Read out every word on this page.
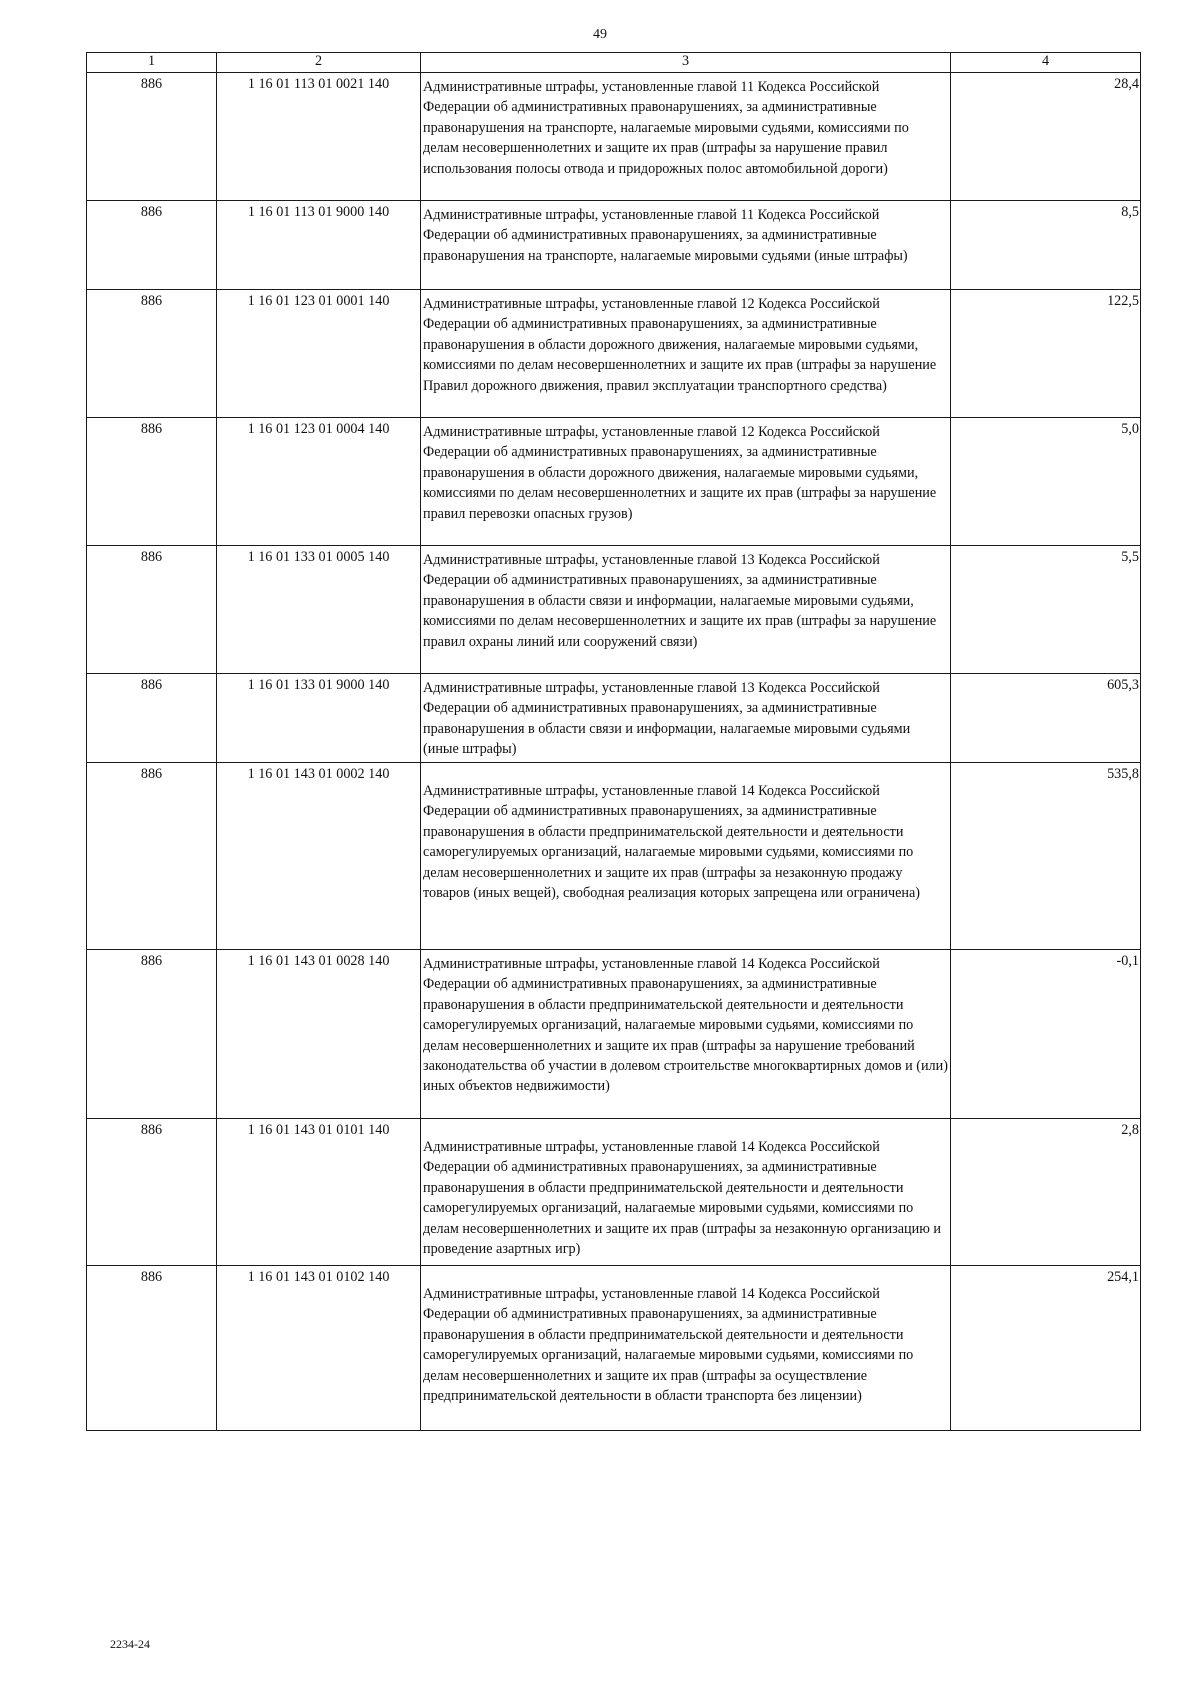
49
1	2	3	4
886	1 16 01 113 01 0021 140	Административные штрафы, установленные главой 11 Кодекса Российской Федерации об административных правонарушениях, за административные правонарушения на транспорте, налагаемые мировыми судьями, комиссиями по делам несовершеннолетних и защите их прав (штрафы за нарушение правил использования полосы отвода и придорожных полос автомобильной дороги)	28,4
886	1 16 01 113 01 9000 140	Административные штрафы, установленные главой 11 Кодекса Российской Федерации об административных правонарушениях, за административные правонарушения на транспорте, налагаемые мировыми судьями (иные штрафы)	8,5
886	1 16 01 123 01 0001 140	Административные штрафы, установленные главой 12 Кодекса Российской Федерации об административных правонарушениях, за административные правонарушения в области дорожного движения, налагаемые мировыми судьями, комиссиями по делам несовершеннолетних и защите их прав (штрафы за нарушение Правил дорожного движения, правил эксплуатации транспортного средства)	122,5
886	1 16 01 123 01 0004 140	Административные штрафы, установленные главой 12 Кодекса Российской Федерации об административных правонарушениях, за административные правонарушения в области дорожного движения, налагаемые мировыми судьями, комиссиями по делам несовершеннолетних и защите их прав (штрафы за нарушение правил перевозки опасных грузов)	5,0
886	1 16 01 133 01 0005 140	Административные штрафы, установленные главой 13 Кодекса Российской Федерации об административных правонарушениях, за административные правонарушения в области связи и информации, налагаемые мировыми судьями, комиссиями по делам несовершеннолетних и защите их прав (штрафы за нарушение правил охраны линий или сооружений связи)	5,5
886	1 16 01 133 01 9000 140	Административные штрафы, установленные главой 13 Кодекса Российской Федерации об административных правонарушениях, за административные правонарушения в области связи и информации, налагаемые мировыми судьями (иные штрафы)	605,3
886	1 16 01 143 01 0002 140	Административные штрафы, установленные главой 14 Кодекса Российской Федерации об административных правонарушениях, за административные правонарушения в области предпринимательской деятельности и деятельности саморегулируемых организаций, налагаемые мировыми судьями, комиссиями по делам несовершеннолетних и защите их прав (штрафы за незаконную продажу товаров (иных вещей), свободная реализация которых запрещена или ограничена)	535,8
886	1 16 01 143 01 0028 140	Административные штрафы, установленные главой 14 Кодекса Российской Федерации об административных правонарушениях, за административные правонарушения в области предпринимательской деятельности и деятельности саморегулируемых организаций, налагаемые мировыми судьями, комиссиями по делам несовершеннолетних и защите их прав (штрафы за нарушение требований законодательства об участии в долевом строительстве многоквартирных домов и (или) иных объектов недвижимости)	-0,1
886	1 16 01 143 01 0101 140	Административные штрафы, установленные главой 14 Кодекса Российской Федерации об административных правонарушениях, за административные правонарушения в области предпринимательской деятельности и деятельности саморегулируемых организаций, налагаемые мировыми судьями, комиссиями по делам несовершеннолетних и защите их прав (штрафы за незаконную организацию и проведение азартных игр)	2,8
886	1 16 01 143 01 0102 140	Административные штрафы, установленные главой 14 Кодекса Российской Федерации об административных правонарушениях, за административные правонарушения в области предпринимательской деятельности и деятельности саморегулируемых организаций, налагаемые мировыми судьями, комиссиями по делам несовершеннолетних и защите их прав (штрафы за осуществление предпринимательской деятельности в области транспорта без лицензии)	254,1
2234-24
